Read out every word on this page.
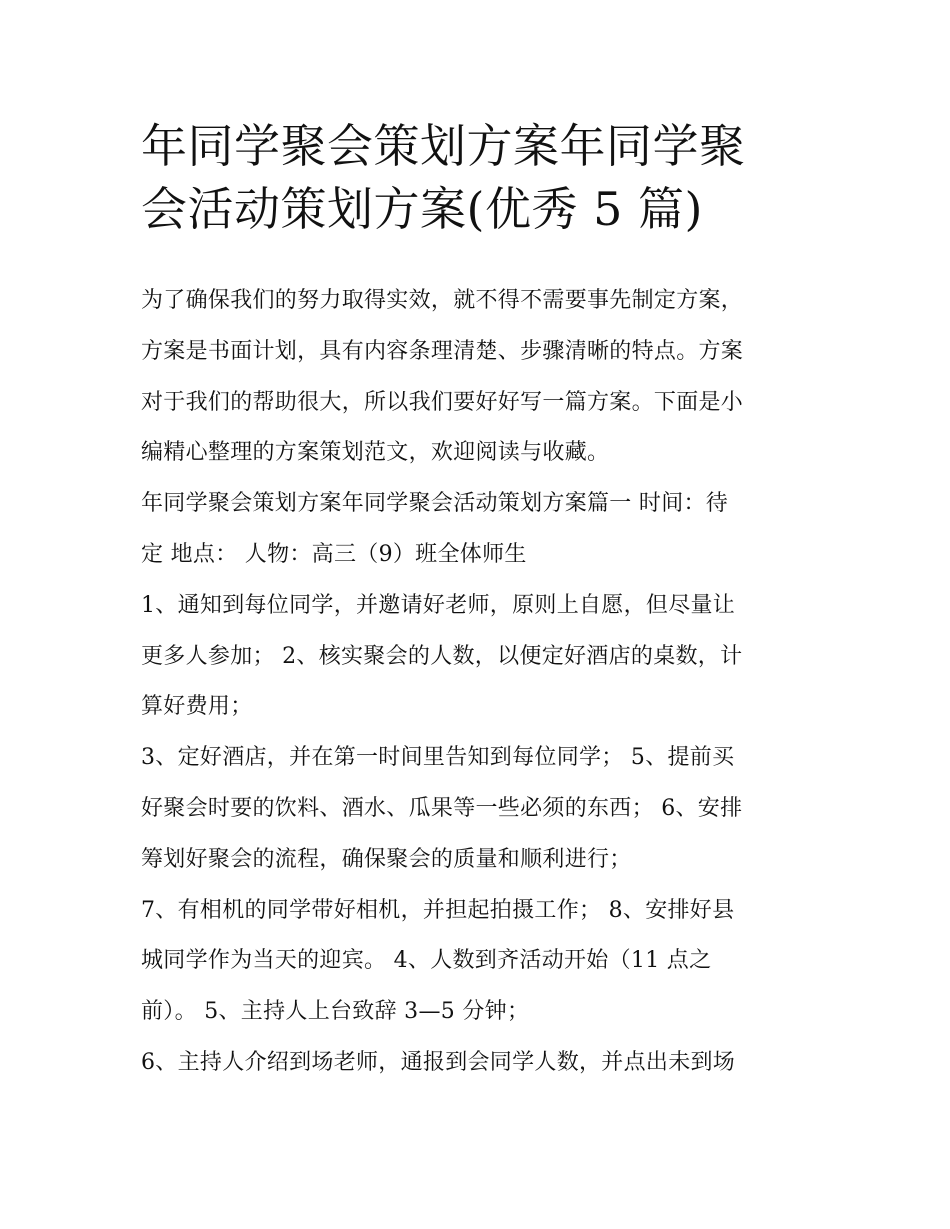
年同学聚会策划方案年同学聚
会活动策划方案(优秀 5 篇)
为了确保我们的努力取得实效，就不得不需要事先制定方案，
方案是书面计划，具有内容条理清楚、步骤清晰的特点。方案
对于我们的帮助很大，所以我们要好好写一篇方案。下面是小
编精心整理的方案策划范文，欢迎阅读与收藏。
年同学聚会策划方案年同学聚会活动策划方案篇一 时间：待
定 地点： 人物：高三（9）班全体师生
1、通知到每位同学，并邀请好老师，原则上自愿，但尽量让
更多人参加； 2、核实聚会的人数，以便定好酒店的桌数，计
算好费用；
3、定好酒店，并在第一时间里告知到每位同学； 5、提前买
好聚会时要的饮料、酒水、瓜果等一些必须的东西； 6、安排
筹划好聚会的流程，确保聚会的质量和顺利进行；
7、有相机的同学带好相机，并担起拍摄工作； 8、安排好县
城同学作为当天的迎宾。 4、人数到齐活动开始（11 点之
前）。 5、主持人上台致辞 3—5 分钟；
6、主持人介绍到场老师，通报到会同学人数，并点出未到场
